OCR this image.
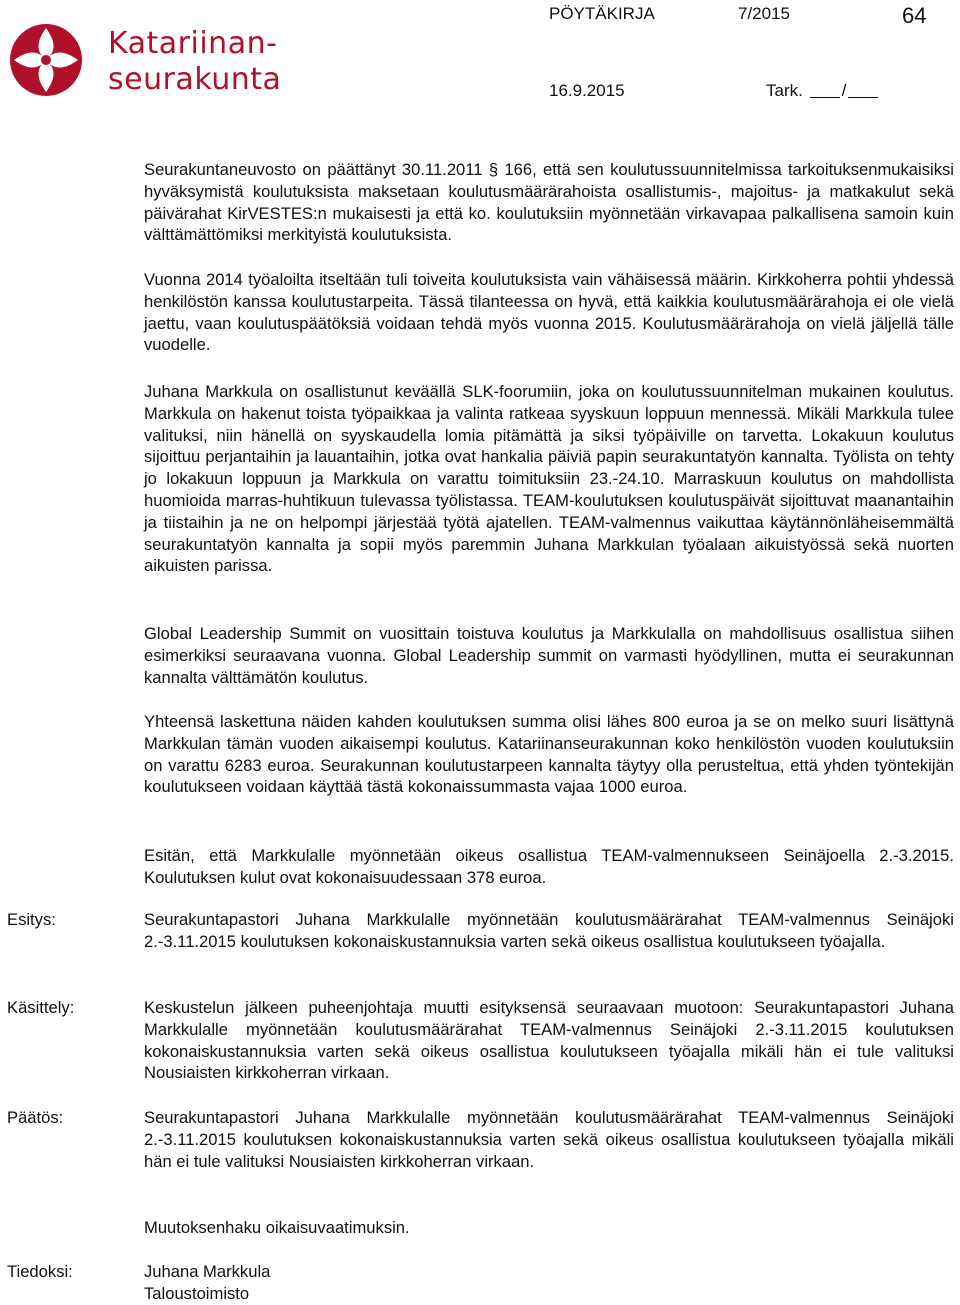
Katariinan-
seurakunta
PÖYTÄKIRJA	7/2015	64
16.9.2015	Tark. /

Seurakuntaneuvosto on päättänyt 30.11.2011 § 166, että sen koulutussuunnitelmissa tarkoituksenmukaisiksi hyväksymistä koulutuksista maksetaan koulutusmäärärahoista osallistumis-, majoitus- ja matkakulut sekä päivärahat KirVESTES:n mukaisesti ja että ko. koulutuksiin myönnetään virkavapaa palkallisena samoin kuin välttämättömiksi merkityistä koulutuksista.

Vuonna 2014 työaloilta itseltään tuli toiveita koulutuksista vain vähäisessä määrin. Kirkkoherra pohtii yhdessä henkilöstön kanssa koulutustarpeita. Tässä tilanteessa on hyvä, että kaikkia koulutusmäärärahoja ei ole vielä jaettu, vaan koulutuspäätöksiä voidaan tehdä myös vuonna 2015. Koulutusmäärärahoja on vielä jäljellä tälle vuodelle.

Juhana Markkula on osallistunut keväällä SLK-foorumiin, joka on koulutussuunnitelman mukainen koulutus. Markkula on hakenut toista työpaikkaa ja valinta ratkeaa syyskuun loppuun mennessä. Mikäli Markkula tulee valituksi, niin hänellä on syyskaudella lomia pitämättä ja siksi työpäiville on tarvetta. Lokakuun koulutus sijoittuu perjantaihin ja lauantaihin, jotka ovat hankalia päiviä papin seurakuntatyön kannalta. Työlista on tehty jo lokakuun loppuun ja Markkula on varattu toimituksiin 23.-24.10. Marraskuun koulutus on mahdollista huomioida marras-huhtikuun tulevassa työlistassa. TEAM-koulutuksen koulutuspäivät sijoittuvat maanantaihin ja tiistaihin ja ne on helpompi järjestää työtä ajatellen. TEAM-valmennus vaikuttaa käytännönläheisemmältä seurakuntatyön kannalta ja sopii myös paremmin Juhana Markkulan työalaan aikuistyössä sekä nuorten aikuisten parissa.

Global Leadership Summit on vuosittain toistuva koulutus ja Markkulalla on mahdollisuus osallistua siihen esimerkiksi seuraavana vuonna. Global Leadership summit on varmasti hyödyllinen, mutta ei seurakunnan kannalta välttämätön koulutus.

Yhteensä laskettuna näiden kahden koulutuksen summa olisi lähes 800 euroa ja se on melko suuri lisättynä Markkulan tämän vuoden aikaisempi koulutus. Katariinanseurakunnan koko henkilöstön vuoden koulutuksiin on varattu 6283 euroa. Seurakunnan koulutustarpeen kannalta täytyy olla perusteltua, että yhden työntekijän koulutukseen voidaan käyttää tästä kokonaissummasta vajaa 1000 euroa.

Esitän, että Markkulalle myönnetään oikeus osallistua TEAM-valmennukseen Seinäjoella 2.-3.2015. Koulutuksen kulut ovat kokonaisuudessaan 378 euroa.

Esitys:	Seurakuntapastori Juhana Markkulalle myönnetään koulutusmäärärahat TEAM-valmennus Seinäjoki 2.-3.11.2015 koulutuksen kokonaiskustannuksia varten sekä oikeus osallistua koulutukseen työajalla.

Käsittely:	Keskustelun jälkeen puheenjohtaja muutti esityksensä seuraavaan muotoon: Seurakuntapastori Juhana Markkulalle myönnetään koulutusmäärärahat TEAM-valmennus Seinäjoki 2.-3.11.2015 koulutuksen kokonaiskustannuksia varten sekä oikeus osallistua koulutukseen työajalla mikäli hän ei tule valituksi Nousiaisten kirkkoherran virkaan.

Päätös:	Seurakuntapastori Juhana Markkulalle myönnetään koulutusmäärärahat TEAM-valmennus Seinäjoki 2.-3.11.2015 koulutuksen kokonaiskustannuksia varten sekä oikeus osallistua koulutukseen työajalla mikäli hän ei tule valituksi Nousiaisten kirkkoherran virkaan.

Muutoksenhaku oikaisuvaatimuksin.

Tiedoksi:	Juhana Markkula

Taloustoimisto
